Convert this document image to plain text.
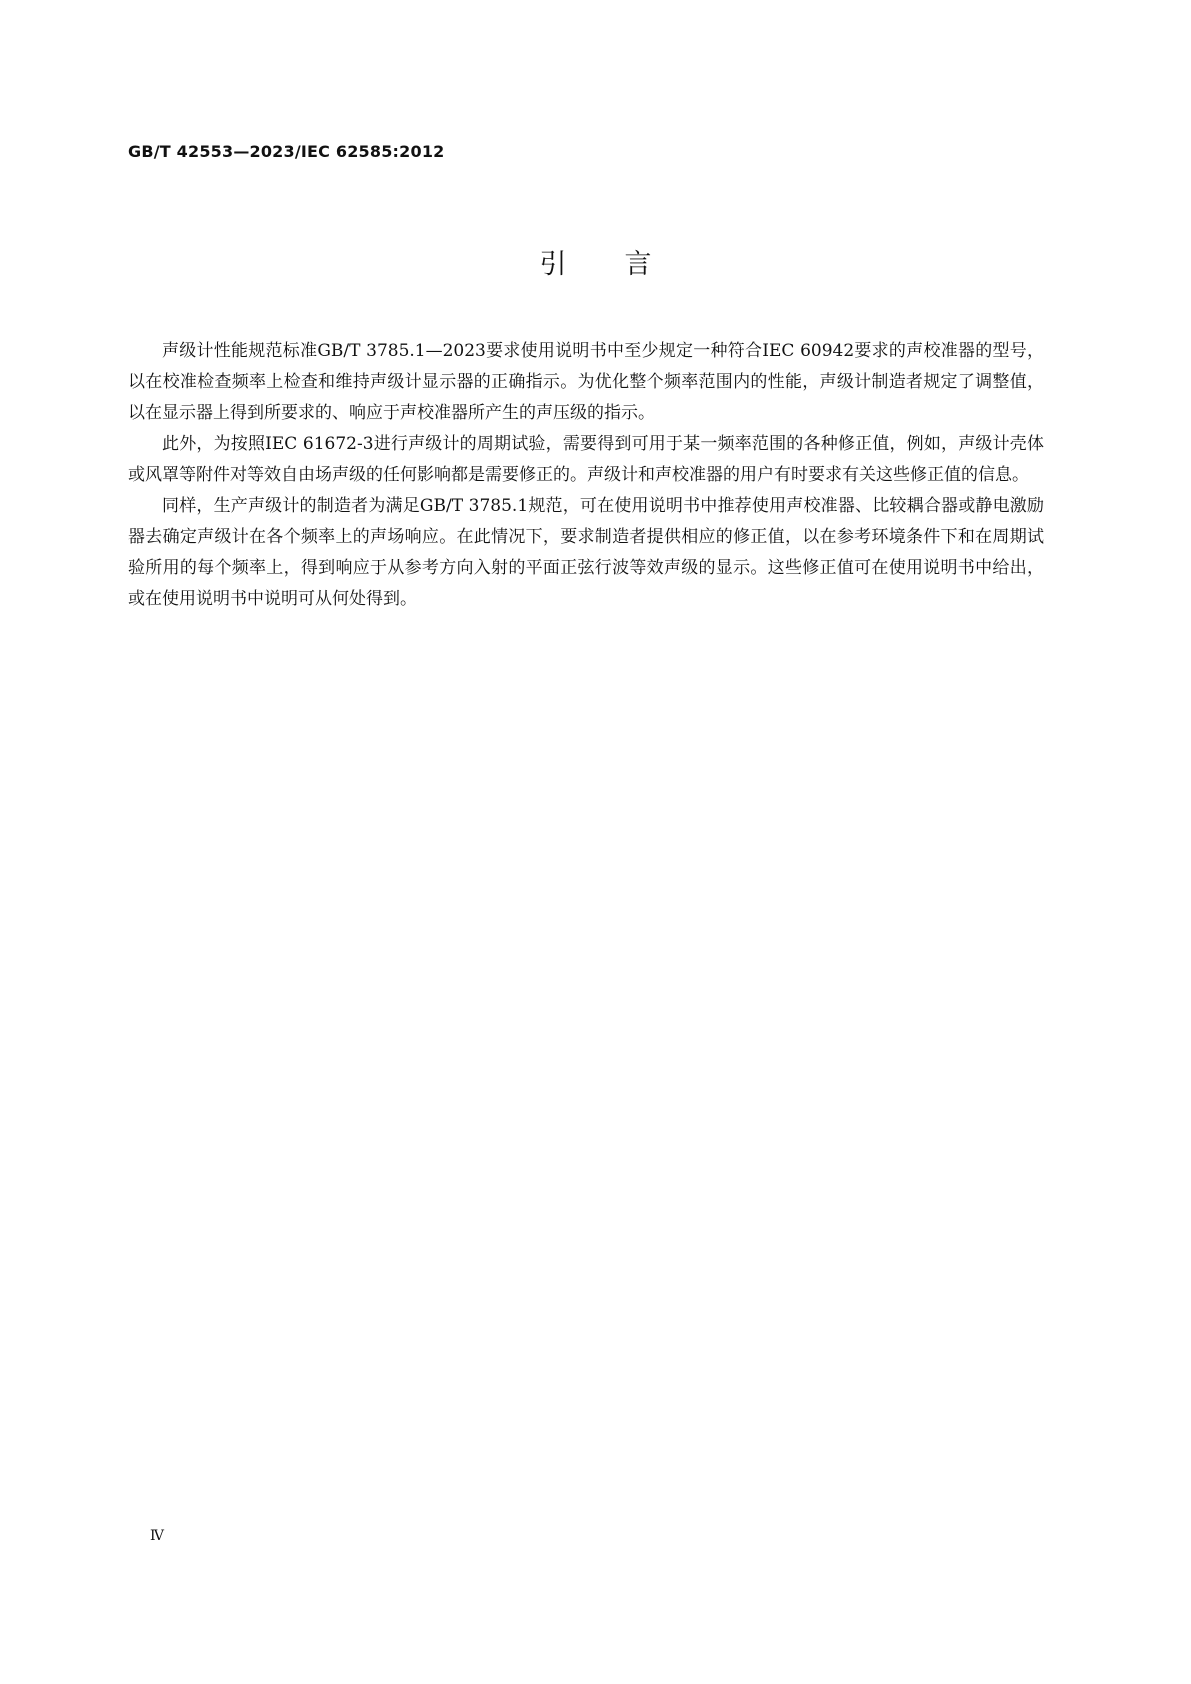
GB/T 42553—2023/IEC 62585:2012
引言

声级计性能规范标准GB/T 3785.1—2023要求使用说明书中至少规定一种符合IEC 60942要求的声校准器的型号，以在校准检查频率上检查和维持声级计显示器的正确指示。为优化整个频率范围内的性能，声级计制造者规定了调整值，以在显示器上得到所要求的、响应于声校准器所产生的声压级的指示。

此外，为按照IEC 61672-3进行声级计的周期试验，需要得到可用于某一频率范围的各种修正值，例如，声级计壳体或风罩等附件对等效自由场声级的任何影响都是需要修正的。声级计和声校准器的用户有时要求有关这些修正值的信息。

同样，生产声级计的制造者为满足GB/T 3785.1规范，可在使用说明书中推荐使用声校准器、比较耦合器或静电激励器去确定声级计在各个频率上的声场响应。在此情况下，要求制造者提供相应的修正值，以在参考环境条件下和在周期试验所用的每个频率上，得到响应于从参考方向入射的平面正弦行波等效声级的显示。这些修正值可在使用说明书中给出，或在使用说明书中说明可从何处得到。

Ⅳ
